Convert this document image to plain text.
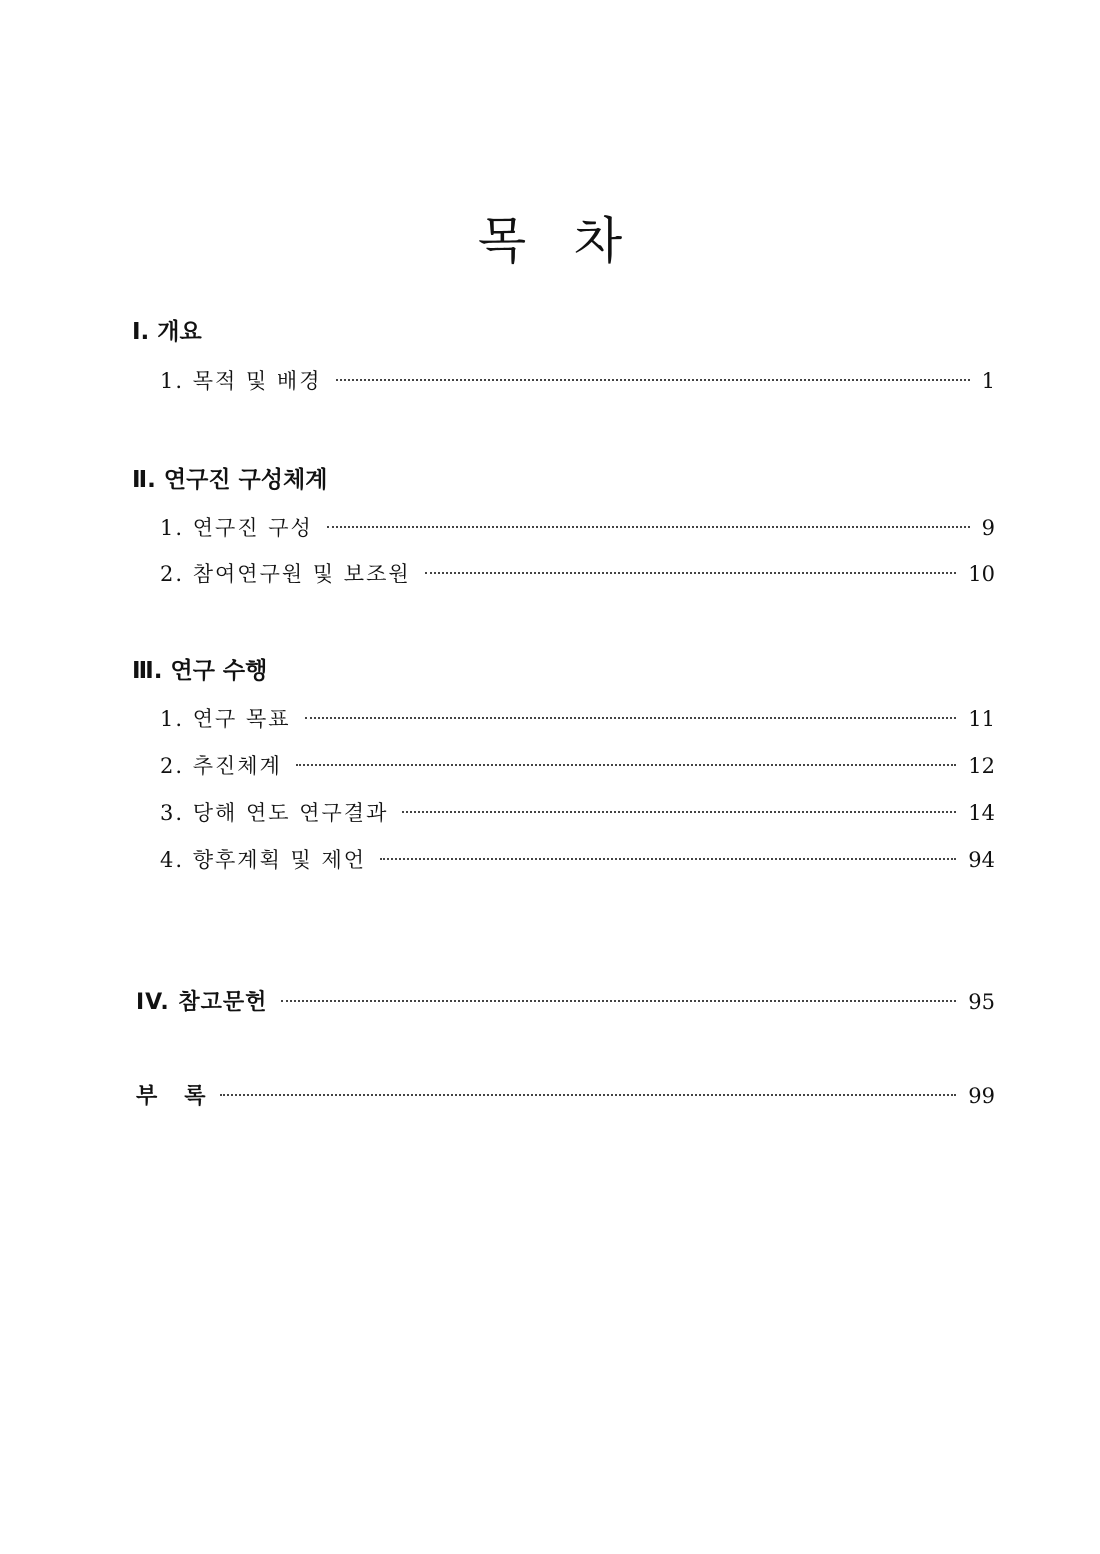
목   차
Ⅰ. 개요
1. 목적 및 배경	1
Ⅱ. 연구진 구성체계
1. 연구진 구성	9
2. 참여연구원 및 보조원	10
Ⅲ. 연구 수행
1. 연구 목표	11
2. 추진체계	12
3. 당해 연도 연구결과	14
4. 향후계획 및 제언	94
IV. 참고문헌	95
부   록	99
